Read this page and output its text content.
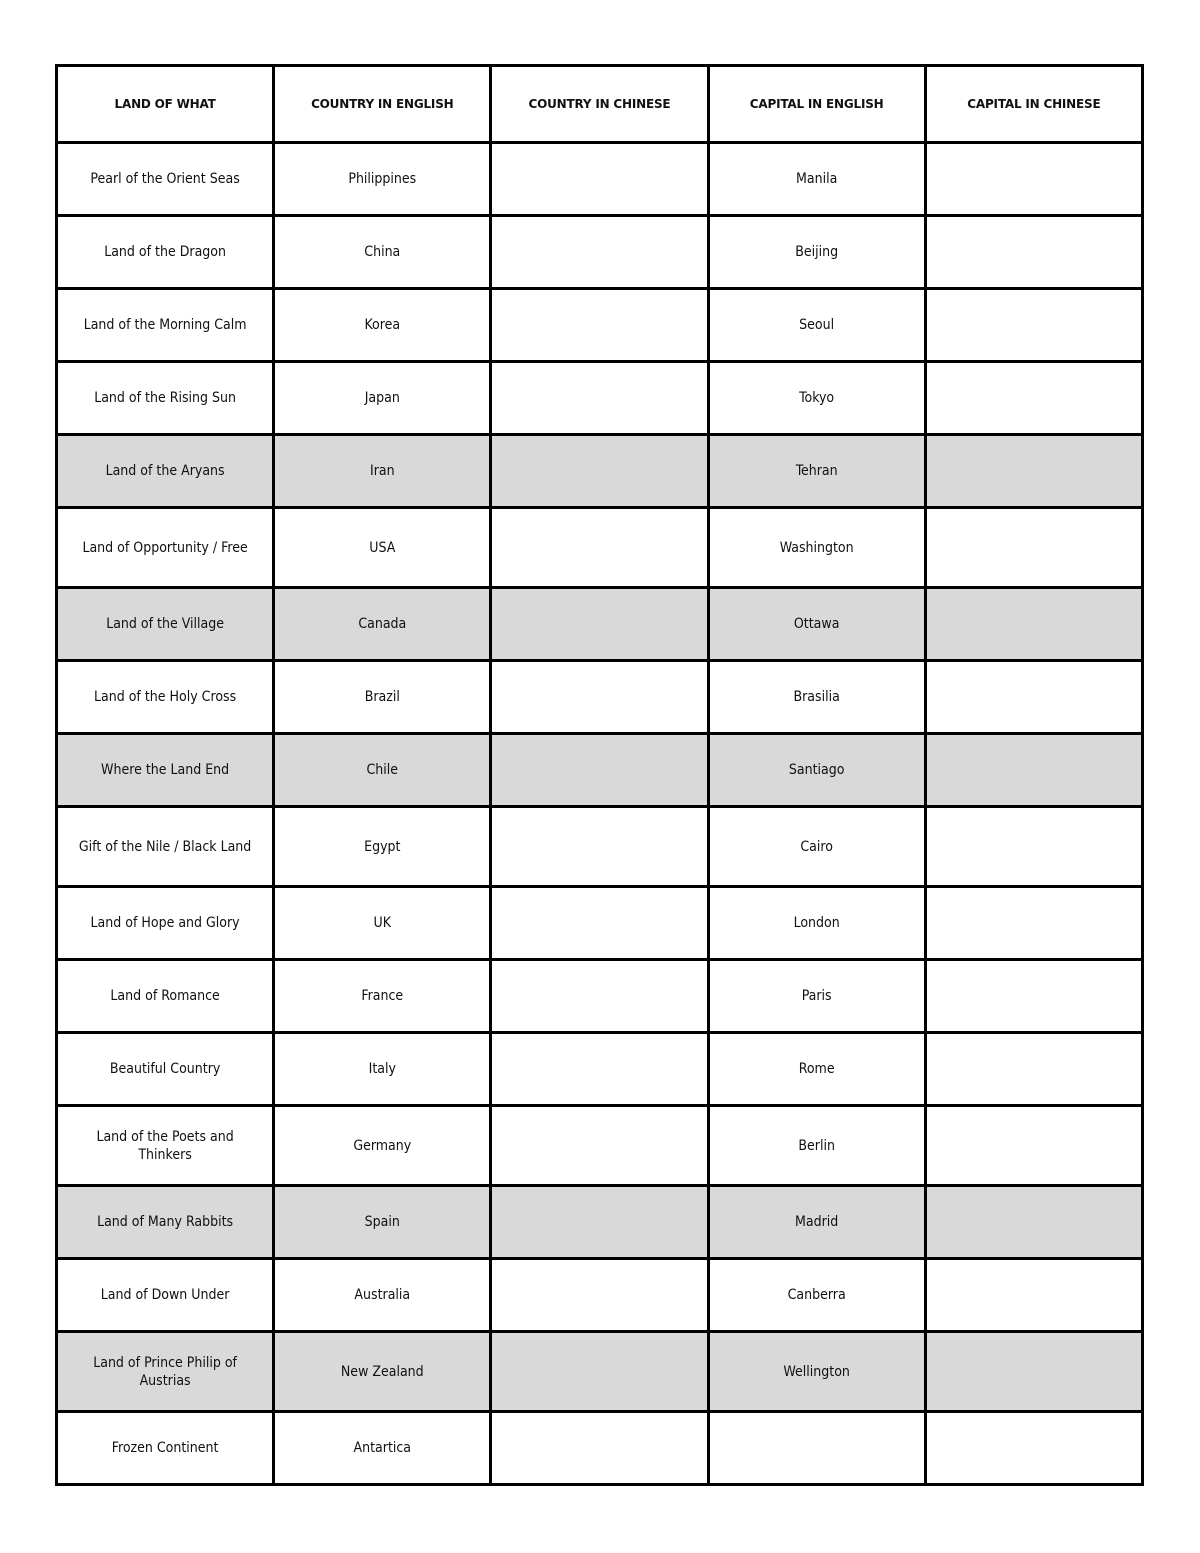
LAND OF WHAT	COUNTRY IN ENGLISH	COUNTRY IN CHINESE	CAPITAL IN ENGLISH	CAPITAL IN CHINESE
Pearl of the Orient Seas	Philippines		Manila	
Land of the Dragon	China		Beijing	
Land of the Morning Calm	Korea		Seoul	
Land of the Rising Sun	Japan		Tokyo	
Land of the Aryans	Iran		Tehran	
Land of Opportunity / Free	USA		Washington	
Land of the Village	Canada		Ottawa	
Land of the Holy Cross	Brazil		Brasilia	
Where the Land End	Chile		Santiago	
Gift of the Nile / Black Land	Egypt		Cairo	
Land of Hope and Glory	UK		London	
Land of Romance	France		Paris	
Beautiful Country	Italy		Rome	
Land of the Poets and Thinkers	Germany		Berlin	
Land of Many Rabbits	Spain		Madrid	
Land of Down Under	Australia		Canberra	
Land of Prince Philip of Austrias	New Zealand		Wellington	
Frozen Continent	Antartica			
